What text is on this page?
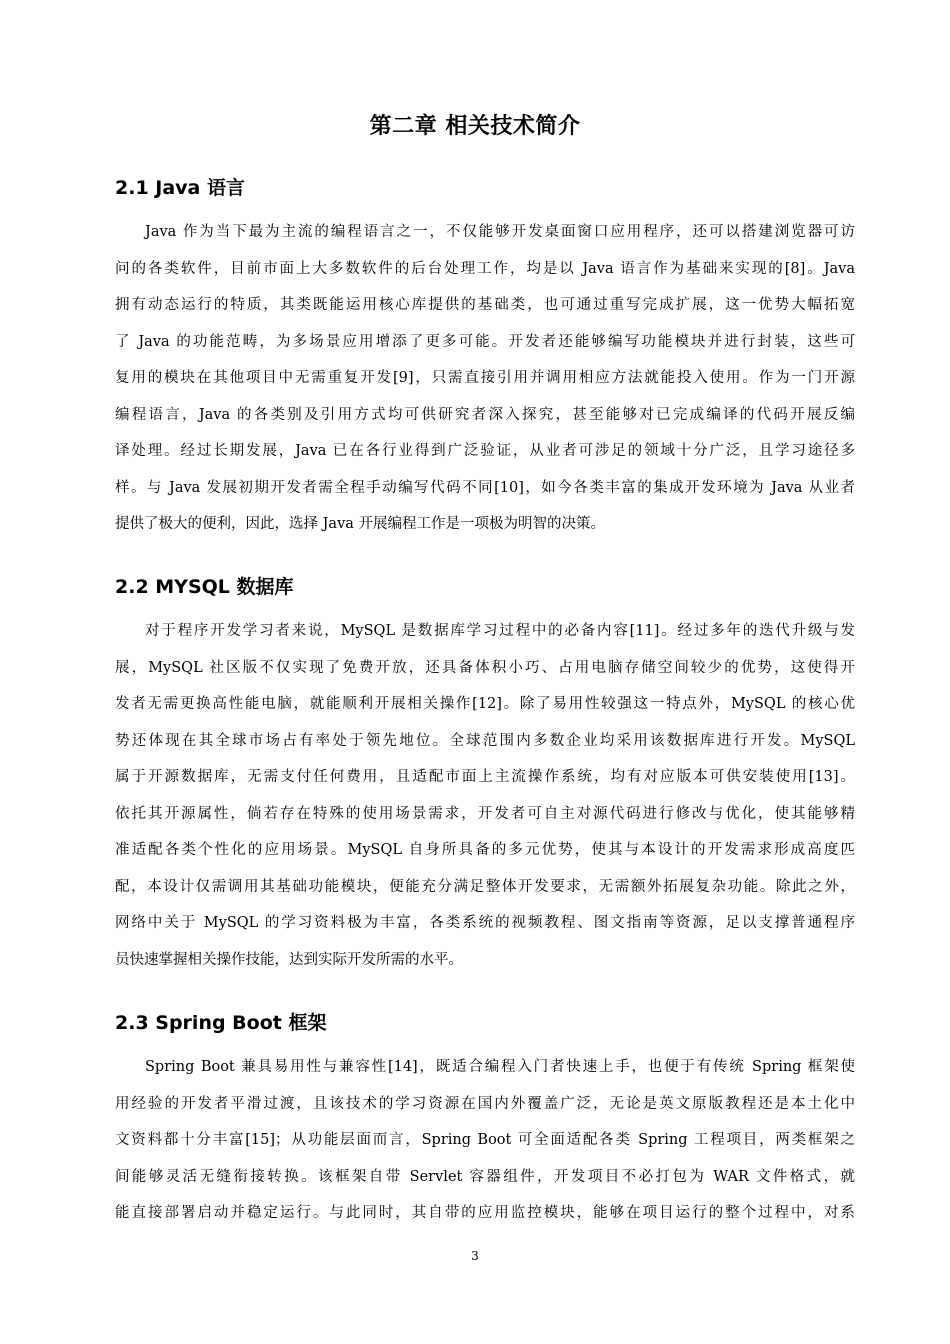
第二章 相关技术简介
2.1 Java 语言
Java 作为当下最为主流的编程语言之一，不仅能够开发桌面窗口应用程序，还可以搭建浏览器可访
问的各类软件，目前市面上大多数软件的后台处理工作，均是以 Java 语言作为基础来实现的[8]。Java
拥有动态运行的特质，其类既能运用核心库提供的基础类，也可通过重写完成扩展，这一优势大幅拓宽
了 Java 的功能范畴，为多场景应用增添了更多可能。开发者还能够编写功能模块并进行封装，这些可
复用的模块在其他项目中无需重复开发[9]，只需直接引用并调用相应方法就能投入使用。作为一门开源
编程语言，Java 的各类别及引用方式均可供研究者深入探究，甚至能够对已完成编译的代码开展反编
译处理。经过长期发展，Java 已在各行业得到广泛验证，从业者可涉足的领域十分广泛，且学习途径多
样。与 Java 发展初期开发者需全程手动编写代码不同[10]，如今各类丰富的集成开发环境为 Java 从业者
提供了极大的便利，因此，选择 Java 开展编程工作是一项极为明智的决策。
2.2 MYSQL 数据库
对于程序开发学习者来说，MySQL 是数据库学习过程中的必备内容[11]。经过多年的迭代升级与发
展，MySQL 社区版不仅实现了免费开放，还具备体积小巧、占用电脑存储空间较少的优势，这使得开
发者无需更换高性能电脑，就能顺利开展相关操作[12]。除了易用性较强这一特点外，MySQL 的核心优
势还体现在其全球市场占有率处于领先地位。全球范围内多数企业均采用该数据库进行开发。MySQL
属于开源数据库，无需支付任何费用，且适配市面上主流操作系统，均有对应版本可供安装使用[13]。
依托其开源属性，倘若存在特殊的使用场景需求，开发者可自主对源代码进行修改与优化，使其能够精
准适配各类个性化的应用场景。MySQL 自身所具备的多元优势，使其与本设计的开发需求形成高度匹
配，本设计仅需调用其基础功能模块，便能充分满足整体开发要求，无需额外拓展复杂功能。除此之外，
网络中关于 MySQL 的学习资料极为丰富，各类系统的视频教程、图文指南等资源，足以支撑普通程序
员快速掌握相关操作技能，达到实际开发所需的水平。
2.3 Spring Boot 框架
Spring Boot 兼具易用性与兼容性[14]，既适合编程入门者快速上手，也便于有传统 Spring 框架使
用经验的开发者平滑过渡，且该技术的学习资源在国内外覆盖广泛，无论是英文原版教程还是本土化中
文资料都十分丰富[15]；从功能层面而言，Spring Boot 可全面适配各类 Spring 工程项目，两类框架之
间能够灵活无缝衔接转换。该框架自带 Servlet 容器组件，开发项目不必打包为 WAR 文件格式，就
能直接部署启动并稳定运行。与此同时，其自带的应用监控模块，能够在项目运行的整个过程中，对系
3
